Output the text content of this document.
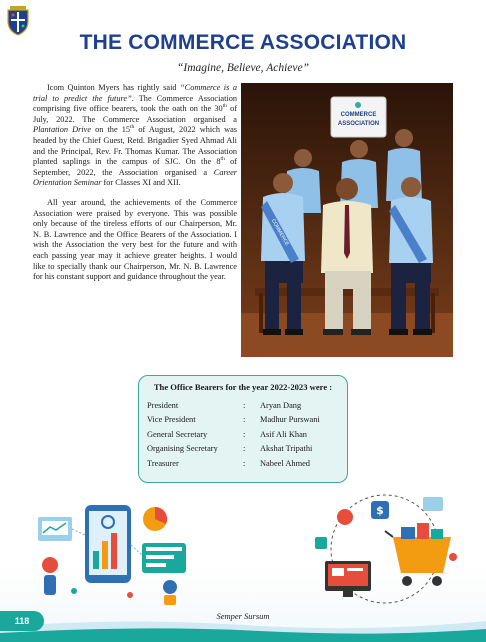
THE COMMERCE ASSOCIATION

“Imagine, Believe, Achieve”

Icom Quinton Myers has rightly said “Commerce is a trial to predict the future”. The Commerce Association comprising five office bearers, took the oath on the 30th of July, 2022. The Commerce Association organised a Plantation Drive on the 15th of August, 2022 which was headed by the Chief Guest, Retd. Brigadier Syed Ahmad Ali and the Principal, Rev. Fr. Thomas Kumar. The Association planted saplings in the campus of SJC. On the 8th of September, 2022, the Association organised a Career Orientation Seminar for Classes XI and XII.

All year around, the achievements of the Commerce Association were praised by everyone. This was possible only because of the tireless efforts of our Chairperson, Mr. N. B. Lawrence and the Office Bearers of the Association. I wish the Association the very best for the future and with each passing year may it achieve greater heights. I would like to specially thank our Chairperson, Mr. N. B. Lawrence for his constant support and guidance throughout the year.

COMMERCE
ASSOCIATION
COMMERCE
The Office Bearers for the year 2022-2023 were :
President	:	Aryan Dang
Vice President	:	Madhur Purswani
General Secretary	:	Asif Ali Khan
Organising Secretary	:	Akshat Tripathi
Treasurer	:	Nabeel Ahmed
$
118	Semper Sursum
